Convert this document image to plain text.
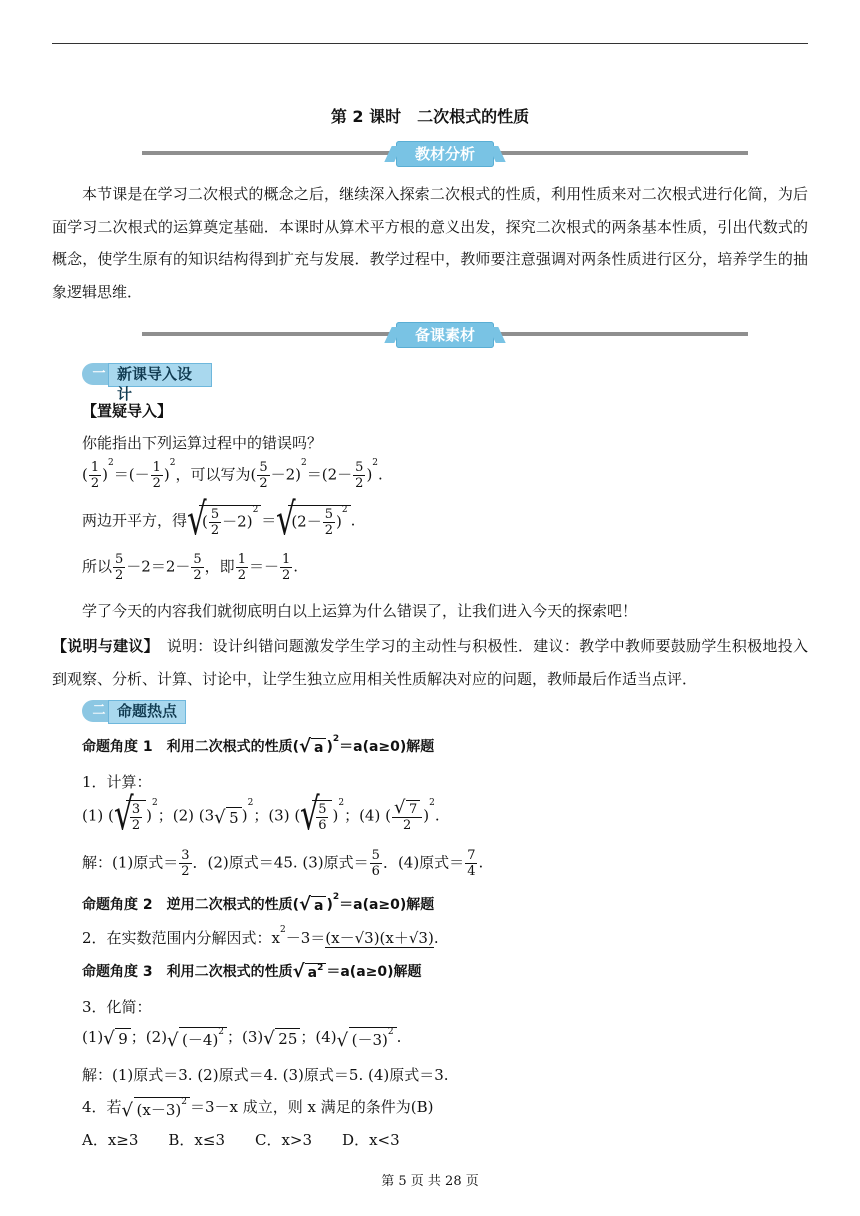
第 2 课时　二次根式的性质
教材分析
本节课是在学习二次根式的概念之后，继续深入探索二次根式的性质，利用性质来对二次根式进行化简，为后面学习二次根式的运算奠定基础．本课时从算术平方根的意义出发，探究二次根式的两条基本性质，引出代数式的概念，使学生原有的知识结构得到扩充与发展．教学过程中，教师要注意强调对两条性质进行区分，培养学生的抽象逻辑思维．
备课素材
一 新课导入设计
【置疑导入】
你能指出下列运算过程中的错误吗？
( $\frac{1}{2} )^2=(- \frac{1}{2} )^2$，可以写为( $\frac{5}{2} -2)^2=(2- \frac{5}{2} )^2$.
两边开平方，得√ ( $\frac{5}{2} -2)^2=√$ $(2- \frac{5}{2} )^2$.
所以 $\frac{5}{2} -2=2- \frac{5}{2}$ ，即 $\frac{1}{2} =- \frac{1}{2}$ .
学了今天的内容我们就彻底明白以上运算为什么错误了，让我们进入今天的探索吧！
【说明与建议】　说明：设计纠错问题激发学生学习的主动性与积极性．建议：教学中教师要鼓励学生积极地投入到观察、分析、计算、讨论中，让学生独立应用相关性质解决对应的问题，教师最后作适当点评．
二 命题热点
命题角度 1　利用二次根式的性质(√ a )$^2$＝a(a≥0)解题
1．计算：
(1) (
√ $\frac{3}{2} )^2$；(2) (3√ 5 )$^2$；(3) (
√ $\frac{5}{6} )^2$；(4) (
√ $\frac{7}{2} )^2$.
解：(1)原式＝ $\frac{3}{2}$ ．(2)原式＝45. (3)原式＝ $\frac{5}{6}$ ．(4)原式＝ $\frac{7}{4}$ .
命题角度 2　逆用二次根式的性质(√ a )$^2$＝a(a≥0)解题
2．在实数范围内分解因式：$x^2-3=(x-√3)(x+√3)$.
命题角度 3　利用二次根式的性质√ $a^2 =a(a\ge 0)$解题
3．化简：
(1)√ 9 ；(2)√ $(-4)^2$ ；(3)√ 25 ；(4)√ $(-3)^2$ .
解：(1)原式＝3. (2)原式＝4. (3)原式＝5. (4)原式＝3.
4．若√ $(x-3)^2 =3-x$ 成立，则 x 满足的条件为(B)
A．x≥3　　B．x≤3　　C．x>3　　D．x<3
第 5 页 共 28 页
